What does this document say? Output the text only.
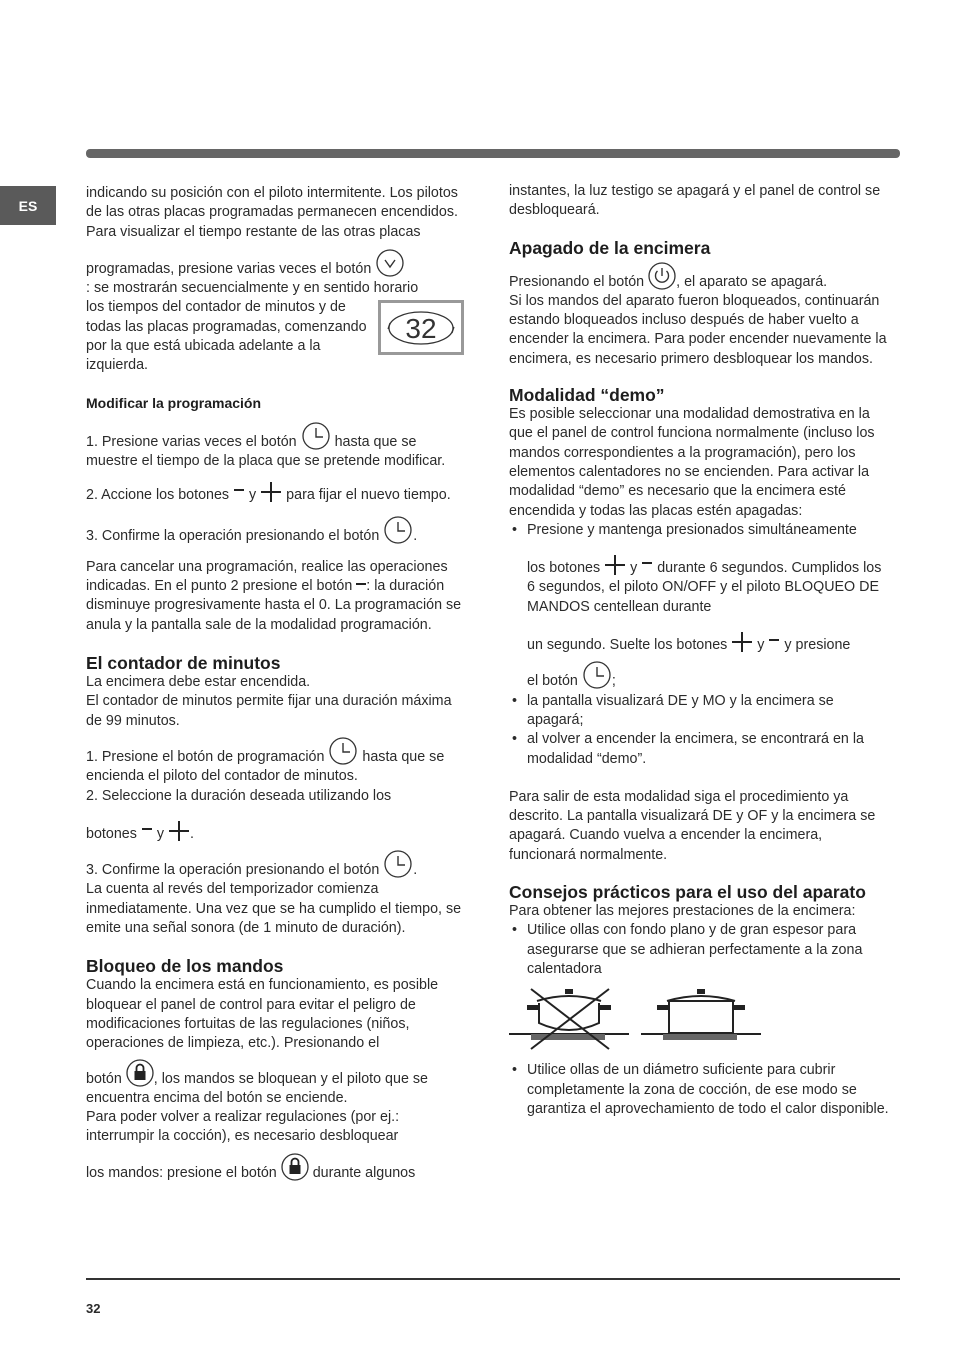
ES

indicando su posición con el piloto intermitente. Los pilotos de las otras placas programadas permanecen encendidos.

Para visualizar el tiempo restante de las otras placas

programadas, presione varias veces el botón

: se mostrarán secuencialmente y en sentido horario

32

los tiempos del contador de minutos y de todas las placas programadas, comenzando por la que está ubicada adelante a la izquierda.

Modificar la programación

1. Presione varias veces el botón	hasta que se muestre el tiempo de la placa que se pretende modificar.

2. Accione los botones y para fijar el nuevo tiempo.

3. Confirme la operación presionando el botón .

Para cancelar una programación, realice las operaciones indicadas. En el punto 2 presione el botón : la duración disminuye progresivamente hasta el 0. La programación se anula y la pantalla sale de la modalidad programación.

El contador de minutos

La encimera debe estar encendida.

El contador de minutos permite fijar una duración máxima de 99 minutos.

1. Presione el botón de programación	hasta que se encienda el piloto del contador de minutos.

2. Seleccione la duración deseada utilizando los

botones y .

3. Confirme la operación presionando el botón .

La cuenta al revés del temporizador comienza inmediatamente. Una vez que se ha cumplido el tiempo, se emite una señal sonora (de 1 minuto de duración).

Bloqueo de los mandos

Cuando la encimera está en funcionamiento, es posible bloquear el panel de control para evitar el peligro de modificaciones fortuitas de las regulaciones (niños, operaciones de limpieza, etc.). Presionando el

botón , los mandos se bloquean y el piloto que se encuentra encima del botón se enciende.

Para poder volver a realizar regulaciones (por ej.: interrumpir la cocción), es necesario desbloquear

los mandos: presione el botón	durante algunos

instantes, la luz testigo se apagará y el panel de control se desbloqueará.

Apagado de la encimera

Presionando el botón , el aparato se apagará.

Si los mandos del aparato fueron bloqueados, continuarán estando bloqueados incluso después de haber vuelto a encender la encimera. Para poder encender nuevamente la encimera, es necesario primero desbloquear los mandos.

Modalidad “demo”

Es posible seleccionar una modalidad demostrativa en la que el panel de control funciona normalmente (incluso los mandos correspondientes a la programación), pero los elementos calentadores no se encienden. Para activar la modalidad “demo” es necesario que la encimera esté encendida y todas las placas estén apagadas:

• Presione y mantenga presionados simultáneamente
los botones y durante 6 segundos. Cumplidos los 6 segundos, el piloto ON/OFF y el piloto BLOQUEO DE MANDOS centellean durante
un segundo. Suelte los botones y y presione
el botón ;
• la pantalla visualizará DE y MO y la encimera se apagará;
• al volver a encender la encimera, se encontrará en la modalidad “demo”.

Para salir de esta modalidad siga el procedimiento ya descrito. La pantalla visualizará DE y OF y la encimera se apagará. Cuando vuelva a encender la encimera, funcionará normalmente.

Consejos prácticos para el uso del aparato

Para obtener las mejores prestaciones de la encimera:

• Utilice ollas con fondo plano y de gran espesor para asegurarse que se adhieran perfectamente a la zona calentadora
• Utilice ollas de un diámetro suficiente para cubrir completamente la zona de cocción, de ese modo se garantiza el aprovechamiento de todo el calor disponible.
32
